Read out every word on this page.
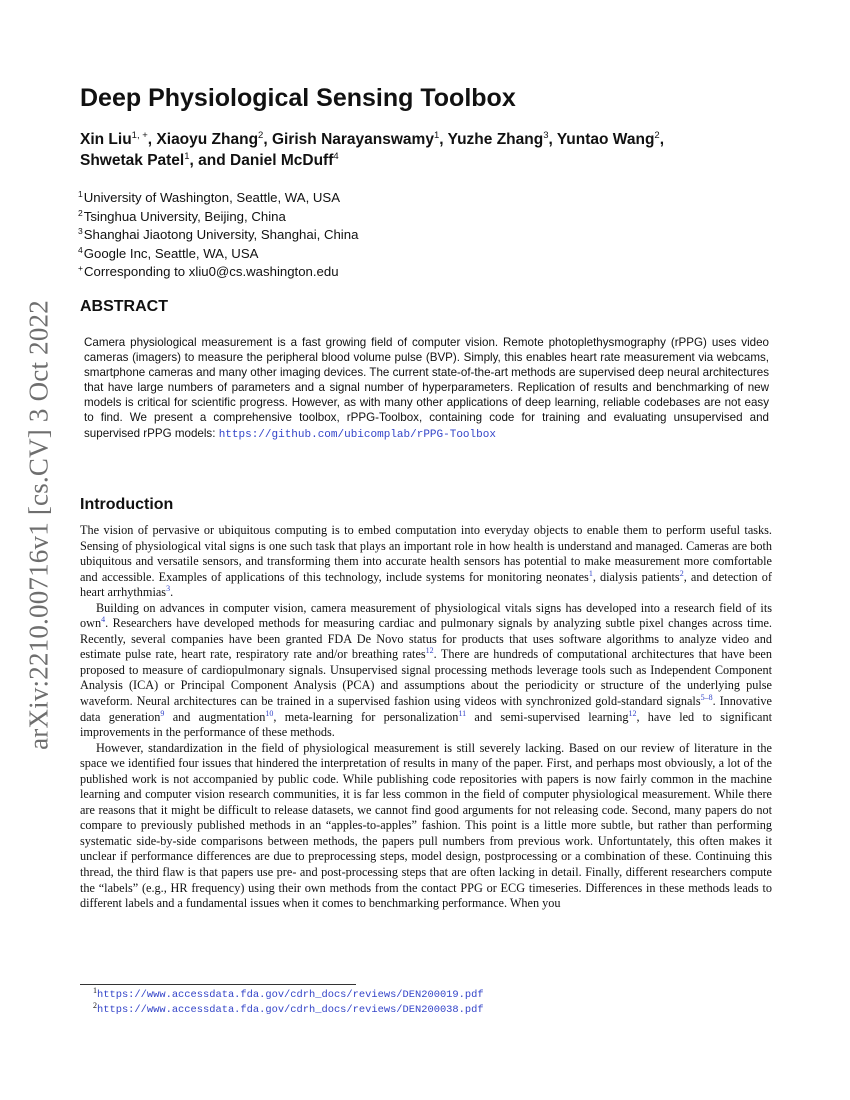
arXiv:2210.00716v1 [cs.CV] 3 Oct 2022
Deep Physiological Sensing Toolbox
Xin Liu$^{1, +}$, Xiaoyu Zhang$^2$, Girish Narayanswamy$^1$, Yuzhe Zhang$^3$, Yuntao Wang$^2$,
Shwetak Patel$^1$, and Daniel McDuff$^4$
$^1$University of Washington, Seattle, WA, USA
$^2$Tsinghua University, Beijing, China
$^3$Shanghai Jiaotong University, Shanghai, China
$^4$Google Inc, Seattle, WA, USA
+Corresponding to xliu0@cs.washington.edu
ABSTRACT
Camera physiological measurement is a fast growing field of computer vision. Remote photoplethysmography (rPPG) uses video cameras (imagers) to measure the peripheral blood volume pulse (BVP). Simply, this enables heart rate measurement via webcams, smartphone cameras and many other imaging devices. The current state-of-the-art methods are supervised deep neural architectures that have large numbers of parameters and a signal number of hyperparameters. Replication of results and benchmarking of new models is critical for scientific progress. However, as with many other applications of deep learning, reliable codebases are not easy to find. We present a comprehensive toolbox, rPPG-Toolbox, containing code for training and evaluating unsupervised and supervised rPPG models: https://github.com/ubicomplab/rPPG-Toolbox
Introduction

The vision of pervasive or ubiquitous computing is to embed computation into everyday objects to enable them to perform useful tasks. Sensing of physiological vital signs is one such task that plays an important role in how health is understand and managed. Cameras are both ubiquitous and versatile sensors, and transforming them into accurate health sensors has potential to make measurement more comfortable and accessible. Examples of applications of this technology, include systems for monitoring neonates$^1$, dialysis patients$^2$, and detection of heart arrhythmias$^3$.

Building on advances in computer vision, camera measurement of physiological vitals signs has developed into a research field of its own$^4$. Researchers have developed methods for measuring cardiac and pulmonary signals by analyzing subtle pixel changes across time. Recently, several companies have been granted FDA De Novo status for products that uses software algorithms to analyze video and estimate pulse rate, heart rate, respiratory rate and/or breathing rates$^{12}$. There are hundreds of computational architectures that have been proposed to measure of cardiopulmonary signals. Unsupervised signal processing methods leverage tools such as Independent Component Analysis (ICA) or Principal Component Analysis (PCA) and assumptions about the periodicity or structure of the underlying pulse waveform. Neural architectures can be trained in a supervised fashion using videos with synchronized gold-standard signals$^{5-8}$. Innovative data generation$^9$ and augmentation$^{10}$, meta-learning for personalization$^{11}$ and semi-supervised learning$^{12}$, have led to significant improvements in the performance of these methods.

However, standardization in the field of physiological measurement is still severely lacking. Based on our review of literature in the space we identified four issues that hindered the interpretation of results in many of the paper. First, and perhaps most obviously, a lot of the published work is not accompanied by public code. While publishing code repositories with papers is now fairly common in the machine learning and computer vision research communities, it is far less common in the field of computer physiological measurement. While there are reasons that it might be difficult to release datasets, we cannot find good arguments for not releasing code. Second, many papers do not compare to previously published methods in an “apples-to-apples” fashion. This point is a little more subtle, but rather than performing systematic side-by-side comparisons between methods, the papers pull numbers from previous work. Unfortuntately, this often makes it unclear if performance differences are due to preprocessing steps, model design, postprocessing or a combination of these. Continuing this thread, the third flaw is that papers use pre- and post-processing steps that are often lacking in detail. Finally, different researchers compute the “labels” (e.g., HR frequency) using their own methods from the contact PPG or ECG timeseries. Differences in these methods leads to different labels and a fundamental issues when it comes to benchmarking performance. When you

$^1$https://www.accessdata.fda.gov/cdrh_docs/reviews/DEN200019.pdf
$^2$https://www.accessdata.fda.gov/cdrh_docs/reviews/DEN200038.pdf
